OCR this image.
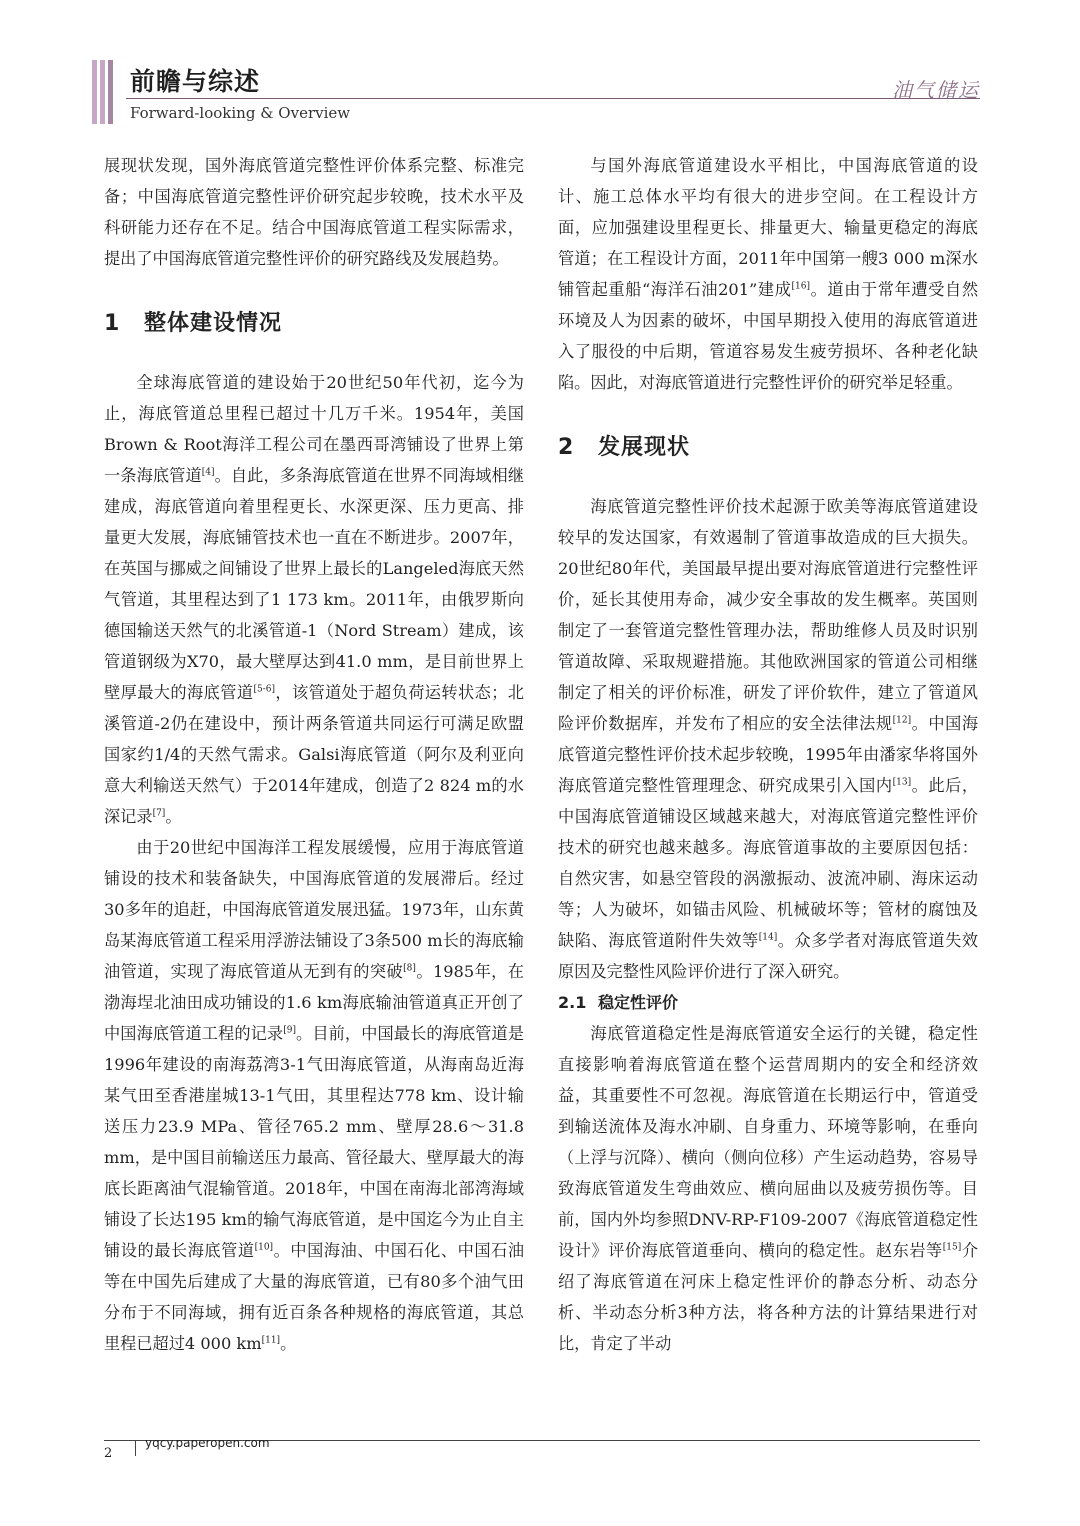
前瞻与综述
Forward-looking & Overview
油气储运

展现状发现，国外海底管道完整性评价体系完整、标准完备；中国海底管道完整性评价研究起步较晚，技术水平及科研能力还存在不足。结合中国海底管道工程实际需求，提出了中国海底管道完整性评价的研究路线及发展趋势。

1 整体建设情况

全球海底管道的建设始于20世纪50年代初，迄今为止，海底管道总里程已超过十几万千米。1954年，美国Brown & Root海洋工程公司在墨西哥湾铺设了世界上第一条海底管道[4]。自此，多条海底管道在世界不同海域相继建成，海底管道向着里程更长、水深更深、压力更高、排量更大发展，海底铺管技术也一直在不断进步。2007年，在英国与挪威之间铺设了世界上最长的Langeled海底天然气管道，其里程达到了1 173 km。2011年，由俄罗斯向德国输送天然气的北溪管道-1（Nord Stream）建成，该管道钢级为X70，最大壁厚达到41.0 mm，是目前世界上壁厚最大的海底管道[5-6]，该管道处于超负荷运转状态；北溪管道-2仍在建设中，预计两条管道共同运行可满足欧盟国家约1/4的天然气需求。Galsi海底管道（阿尔及利亚向意大利输送天然气）于2014年建成，创造了2 824 m的水深记录[7]。

由于20世纪中国海洋工程发展缓慢，应用于海底管道铺设的技术和装备缺失，中国海底管道的发展滞后。经过30多年的追赶，中国海底管道发展迅猛。1973年，山东黄岛某海底管道工程采用浮游法铺设了3条500 m长的海底输油管道，实现了海底管道从无到有的突破[8]。1985年，在渤海埕北油田成功铺设的1.6 km海底输油管道真正开创了中国海底管道工程的记录[9]。目前，中国最长的海底管道是1996年建设的南海荔湾3-1气田海底管道，从海南岛近海某气田至香港崖城13-1气田，其里程达778 km、设计输送压力23.9 MPa、管径765.2 mm、壁厚28.6～31.8 mm，是中国目前输送压力最高、管径最大、壁厚最大的海底长距离油气混输管道。2018年，中国在南海北部湾海域铺设了长达195 km的输气海底管道，是中国迄今为止自主铺设的最长海底管道[10]。中国海油、中国石化、中国石油等在中国先后建成了大量的海底管道，已有80多个油气田分布于不同海域，拥有近百条各种规格的海底管道，其总里程已超过4 000 km[11]。

与国外海底管道建设水平相比，中国海底管道的设计、施工总体水平均有很大的进步空间。在工程设计方面，应加强建设里程更长、排量更大、输量更稳定的海底管道；在工程设计方面，2011年中国第一艘3 000 m深水铺管起重船“海洋石油201”建成[16]。道由于常年遭受自然环境及人为因素的破坏，中国早期投入使用的海底管道进入了服役的中后期，管道容易发生疲劳损坏、各种老化缺陷。因此，对海底管道进行完整性评价的研究举足轻重。

2 发展现状

海底管道完整性评价技术起源于欧美等海底管道建设较早的发达国家，有效遏制了管道事故造成的巨大损失。20世纪80年代，美国最早提出要对海底管道进行完整性评价，延长其使用寿命，减少安全事故的发生概率。英国则制定了一套管道完整性管理办法，帮助维修人员及时识别管道故障、采取规避措施。其他欧洲国家的管道公司相继制定了相关的评价标准，研发了评价软件，建立了管道风险评价数据库，并发布了相应的安全法律法规[12]。中国海底管道完整性评价技术起步较晚，1995年由潘家华将国外海底管道完整性管理理念、研究成果引入国内[13]。此后，中国海底管道铺设区域越来越大，对海底管道完整性评价技术的研究也越来越多。海底管道事故的主要原因包括：自然灾害，如悬空管段的涡激振动、波流冲刷、海床运动等；人为破坏，如锚击风险、机械破坏等；管材的腐蚀及缺陷、海底管道附件失效等[14]。众多学者对海底管道失效原因及完整性风险评价进行了深入研究。

2.1 稳定性评价

海底管道稳定性是海底管道安全运行的关键，稳定性直接影响着海底管道在整个运营周期内的安全和经济效益，其重要性不可忽视。海底管道在长期运行中，管道受到输送流体及海水冲刷、自身重力、环境等影响，在垂向（上浮与沉降）、横向（侧向位移）产生运动趋势，容易导致海底管道发生弯曲效应、横向屈曲以及疲劳损伤等。目前，国内外均参照DNV-RP-F109-2007《海底管道稳定性设计》评价海底管道垂向、横向的稳定性。赵东岩等[15]介绍了海底管道在河床上稳定性评价的静态分析、动态分析、半动态分析3种方法，将各种方法的计算结果进行对比，肯定了半动

2
yqcy.paperopen.com
